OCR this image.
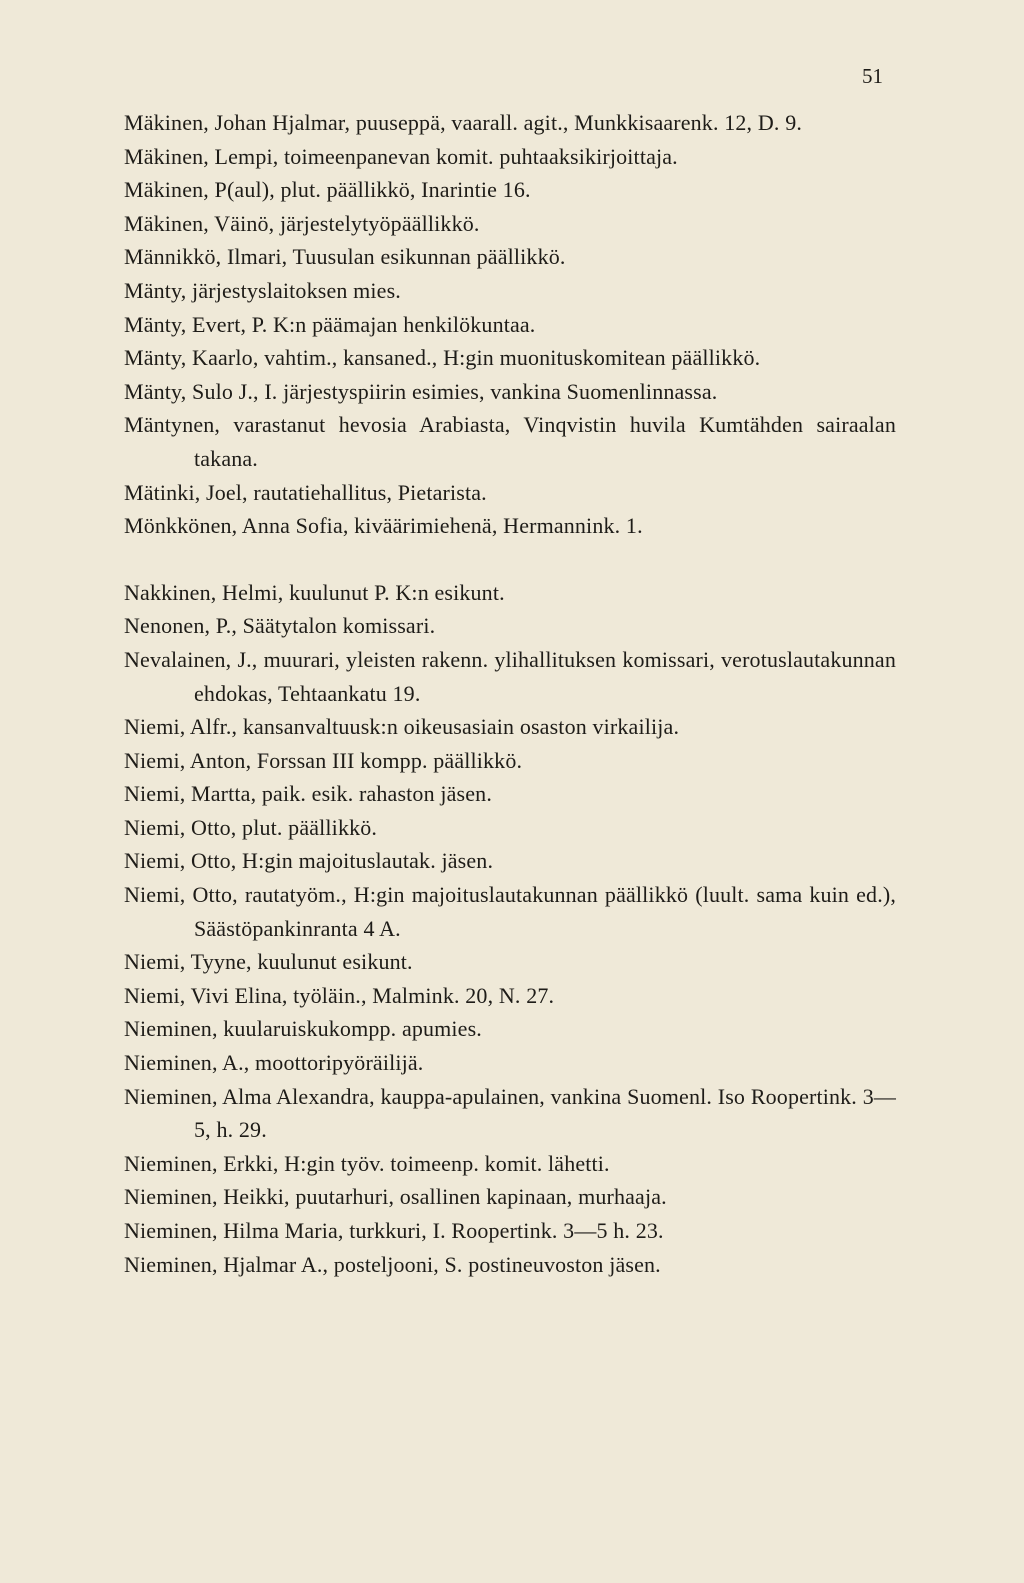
51
Mäkinen, Johan Hjalmar, puuseppä, vaarall. agit., Munkkisaarenk. 12, D. 9.
Mäkinen, Lempi, toimeenpanevan komit. puhtaaksikirjoittaja.
Mäkinen, P(aul), plut. päällikkö, Inarintie 16.
Mäkinen, Väinö, järjestelytyöpäällikkö.
Männikkö, Ilmari, Tuusulan esikunnan päällikkö.
Mänty, järjestyslaitoksen mies.
Mänty, Evert, P. K:n päämajan henkilökuntaa.
Mänty, Kaarlo, vahtim., kansaned., H:gin muonituskomitean päällikkö.
Mänty, Sulo J., I. järjestyspiirin esimies, vankina Suomenlinnassa.
Mäntynen, varastanut hevosia Arabiasta, Vinqvistin huvila Kumtähden sairaalan takana.
Mätinki, Joel, rautatiehallitus, Pietarista.
Mönkkönen, Anna Sofia, kiväärimiehenä, Hermannink. 1.
Nakkinen, Helmi, kuulunut P. K:n esikunt.
Nenonen, P., Säätytalon komissari.
Nevalainen, J., muurari, yleisten rakenn. ylihallituksen komissari, verotuslautakunnan ehdokas, Tehtaankatu 19.
Niemi, Alfr., kansanvaltuusk:n oikeusasiain osaston virkailija.
Niemi, Anton, Forssan III kompp. päällikkö.
Niemi, Martta, paik. esik. rahaston jäsen.
Niemi, Otto, plut. päällikkö.
Niemi, Otto, H:gin majoituslautak. jäsen.
Niemi, Otto, rautatyöm., H:gin majoituslautakunnan päällikkö (luult. sama kuin ed.), Säästöpankinranta 4 A.
Niemi, Tyyne, kuulunut esikunt.
Niemi, Vivi Elina, työläin., Malmink. 20, N. 27.
Nieminen, kuularuiskukompp. apumies.
Nieminen, A., moottoripyöräilijä.
Nieminen, Alma Alexandra, kauppa-apulainen, vankina Suomenl. Iso Roopertink. 3—5, h. 29.
Nieminen, Erkki, H:gin työv. toimeenp. komit. lähetti.
Nieminen, Heikki, puutarhuri, osallinen kapinaan, murhaaja.
Nieminen, Hilma Maria, turkkuri, I. Roopertink. 3—5 h. 23.
Nieminen, Hjalmar A., posteljooni, S. postineuvoston jäsen.
